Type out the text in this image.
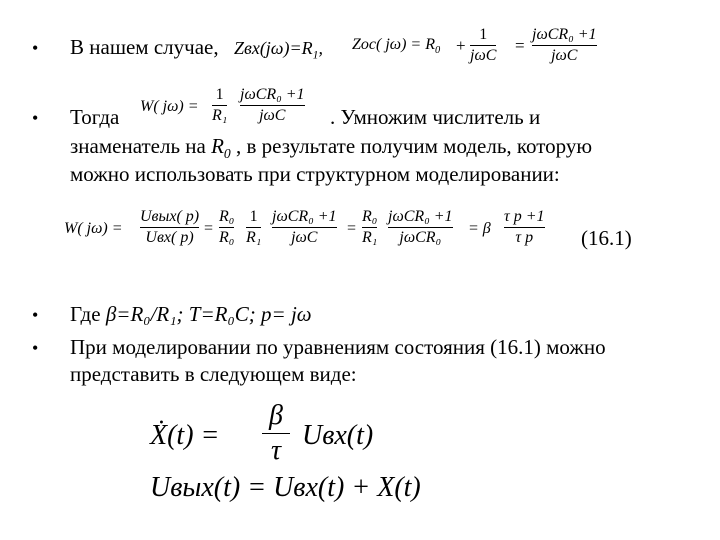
• В нашем случае, $Zвх(j\omega)=R_1$, Zос( $j\omega) = R_0$ +
1
jωC
=
jωCR₀ +1
jωC
• Тогда W( jω) =
1
R₁
jωCR₀ +1
jωC	. Умножим числитель и
знаменатель на $R_0$ , в результате получим модель, которую
можно использовать при структурном моделировании:
W( jω) =
Uвых( p)
Uвх( p)
=
R₀
R₀
1
R₁
jωCR₀ +1
jωC
=
R₀
R₁
jωCR₀ +1
jωCR₀
= β
τ p +1
τ p	(16.1)
• Где β=R₀/R₁; T=R₀C; p= jω
• При моделировании по уравнениям состояния (16.1) можно
представить в следующем виде:
Ẋ(t) =
β
τ Uвх(t)
Uвых(t) = Uвх(t) + X(t)
